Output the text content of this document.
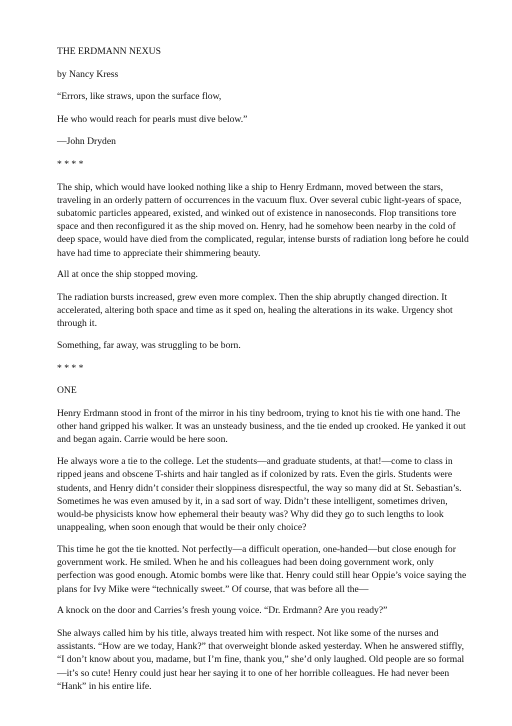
THE ERDMANN NEXUS

by Nancy Kress

“Errors, like straws, upon the surface flow,

He who would reach for pearls must dive below.”

—John Dryden

* * * *

The ship, which would have looked nothing like a ship to Henry Erdmann, moved between the stars, traveling in an orderly pattern of occurrences in the vacuum flux. Over several cubic light-years of space, subatomic particles appeared, existed, and winked out of existence in nanoseconds. Flop transitions tore space and then reconfigured it as the ship moved on. Henry, had he somehow been nearby in the cold of deep space, would have died from the complicated, regular, intense bursts of radiation long before he could have had time to appreciate their shimmering beauty.

All at once the ship stopped moving.

The radiation bursts increased, grew even more complex. Then the ship abruptly changed direction. It accelerated, altering both space and time as it sped on, healing the alterations in its wake. Urgency shot through it.

Something, far away, was struggling to be born.

* * * *

ONE

Henry Erdmann stood in front of the mirror in his tiny bedroom, trying to knot his tie with one hand. The other hand gripped his walker. It was an unsteady business, and the tie ended up crooked. He yanked it out and began again. Carrie would be here soon.

He always wore a tie to the college. Let the students—and graduate students, at that!—come to class in ripped jeans and obscene T-shirts and hair tangled as if colonized by rats. Even the girls. Students were students, and Henry didn’t consider their sloppiness disrespectful, the way so many did at St. Sebastian’s. Sometimes he was even amused by it, in a sad sort of way. Didn’t these intelligent, sometimes driven, would-be physicists know how ephemeral their beauty was? Why did they go to such lengths to look unappealing, when soon enough that would be their only choice?

This time he got the tie knotted. Not perfectly—a difficult operation, one-handed—but close enough for government work. He smiled. When he and his colleagues had been doing government work, only perfection was good enough. Atomic bombs were like that. Henry could still hear Oppie’s voice saying the plans for Ivy Mike were “technically sweet.” Of course, that was before all the—

A knock on the door and Carries’s fresh young voice. “Dr. Erdmann? Are you ready?”

She always called him by his title, always treated him with respect. Not like some of the nurses and assistants. “How are we today, Hank?” that overweight blonde asked yesterday. When he answered stiffly, “I don’t know about you, madame, but I’m fine, thank you,” she’d only laughed. Old people are so formal—it’s so cute! Henry could just hear her saying it to one of her horrible colleagues. He had never been “Hank” in his entire life.
